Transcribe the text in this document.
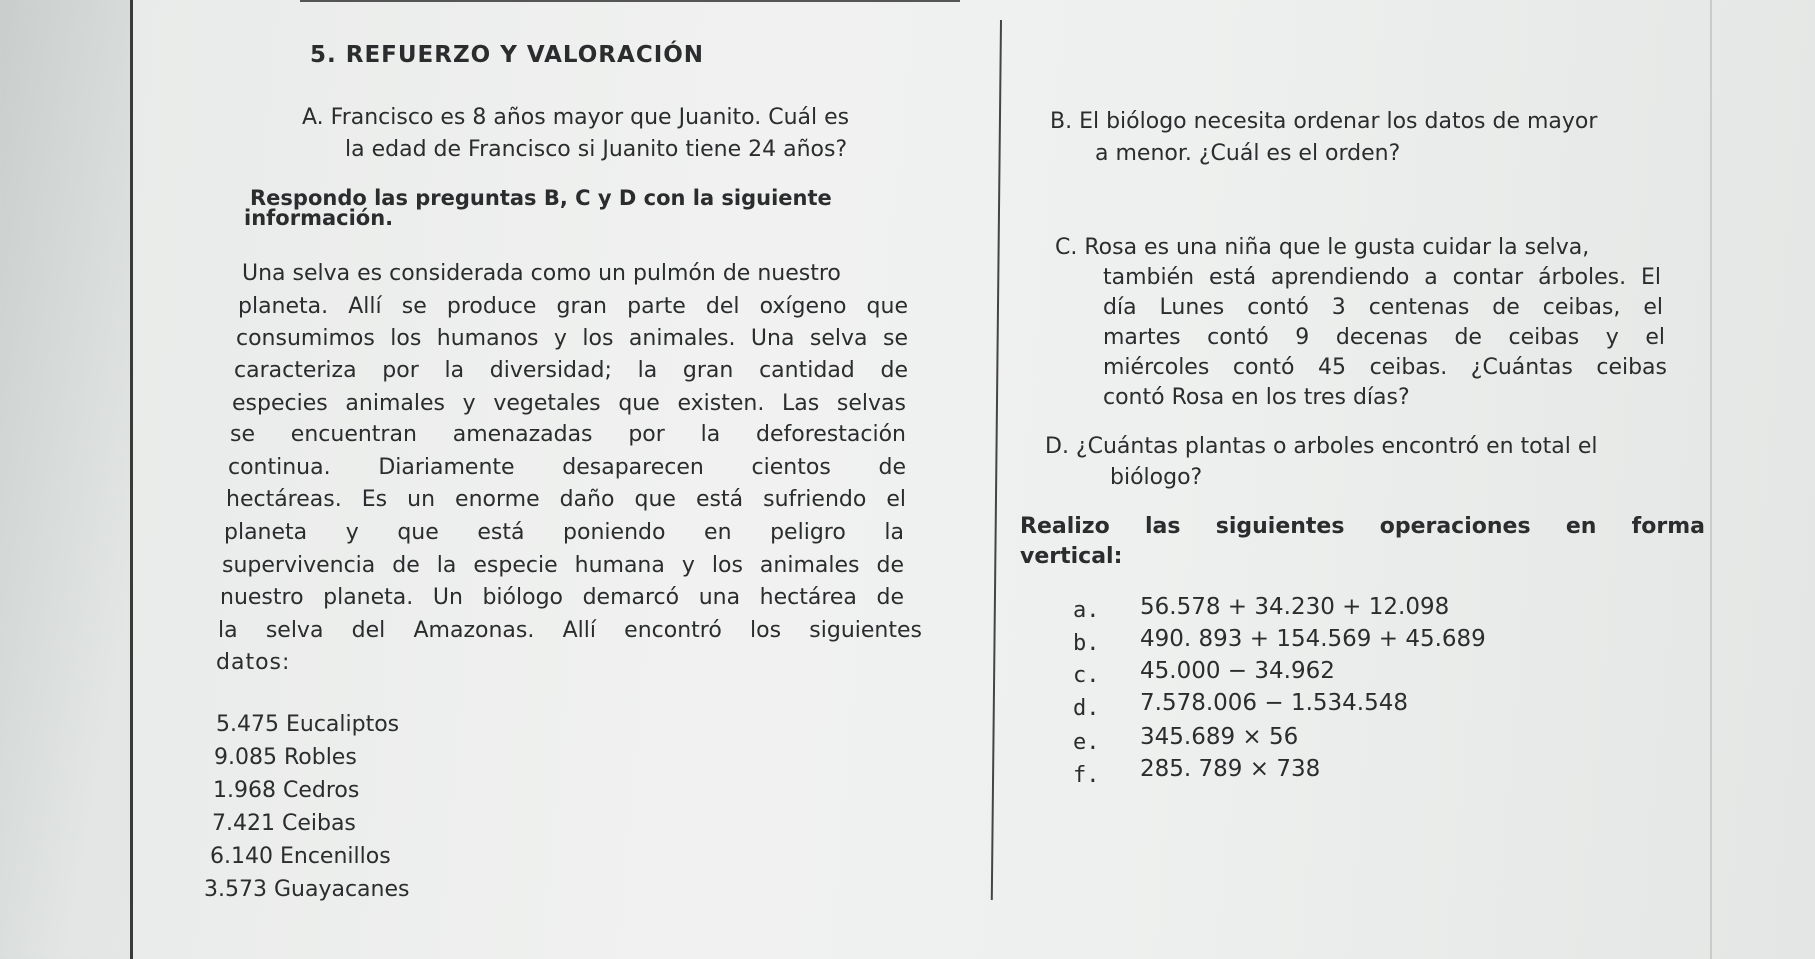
5. REFUERZO Y VALORACIÓN
A. Francisco es 8 años mayor que Juanito. Cuál es
la edad de Francisco si Juanito tiene 24 años?
Respondo las preguntas B, C y D con la siguiente
información.
Una selva es considerada como un pulmón de nuestro
planeta. Allí se produce gran parte del oxígeno que
consumimos los humanos y los animales. Una selva se
caracteriza por la diversidad; la gran cantidad de
especies animales y vegetales que existen. Las selvas
se encuentran amenazadas por la deforestación
continua. Diariamente desaparecen cientos de
hectáreas. Es un enorme daño que está sufriendo el
planeta y que está poniendo en peligro la
supervivencia de la especie humana y los animales de
nuestro planeta. Un biólogo demarcó una hectárea de
la selva del Amazonas. Allí encontró los siguientes
datos:
5.475 Eucaliptos
9.085 Robles
1.968 Cedros
7.421 Ceibas
6.140 Encenillos
3.573 Guayacanes
B. El biólogo necesita ordenar los datos de mayor
a menor. ¿Cuál es el orden?
C. Rosa es una niña que le gusta cuidar la selva,
también está aprendiendo a contar árboles. El
día Lunes contó 3 centenas de ceibas, el
martes contó 9 decenas de ceibas y el
miércoles contó 45 ceibas. ¿Cuántas ceibas
contó Rosa en los tres días?
D. ¿Cuántas plantas o arboles encontró en total el
biólogo?
Realizo las siguientes operaciones en forma
vertical:
a. 56.578 + 34.230 + 12.098
b. 490. 893 + 154.569 + 45.689
c. 45.000 − 34.962
d. 7.578.006 − 1.534.548
e. 345.689 × 56
f. 285. 789 × 738
